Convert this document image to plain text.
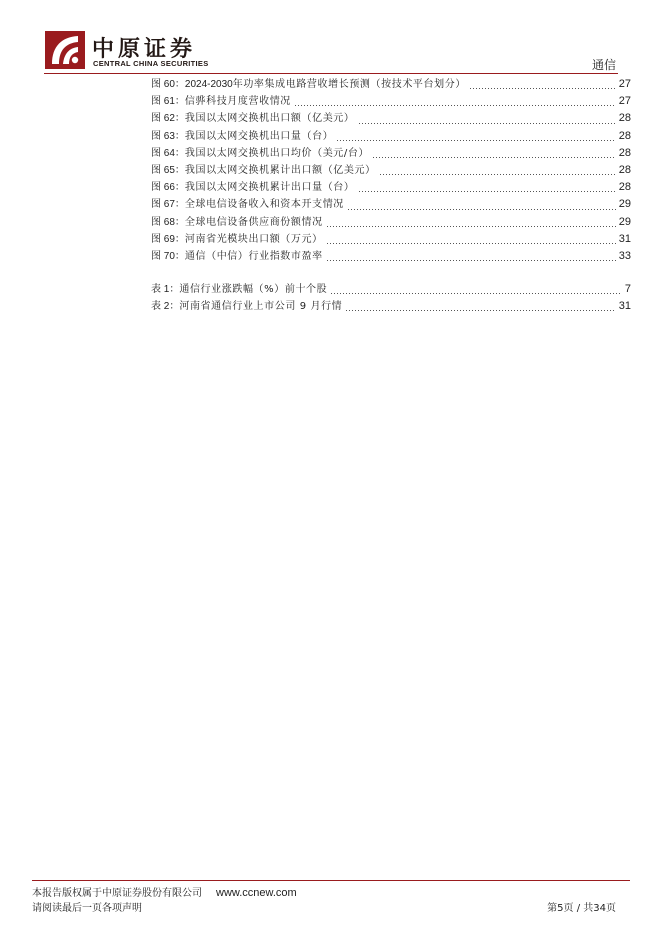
中原证券
CENTRAL CHINA SECURITIES	通信
图 60：2024-2030 年功率集成电路营收增长预测（按技术平台划分）	27
图 61： 信骅科技月度营收情况	27
图 62： 我国以太网交换机出口额（亿美元）	28
图 63： 我国以太网交换机出口量（台）	28
图 64： 我国以太网交换机出口均价（美元/台）	28
图 65： 我国以太网交换机累计出口额（亿美元）	28
图 66： 我国以太网交换机累计出口量（台）	28
图 67： 全球电信设备收入和资本开支情况	29
图 68： 全球电信设备供应商份额情况	29
图 69： 河南省光模块出口额（万元）	31
图 70： 通信（中信）行业指数市盈率	33
表 1： 通信行业涨跌幅（%）前十个股	7
表 2： 河南省通信行业上市公司 9 月行情	31
本报告版权属于中原证券股份有限公司 www.ccnew.com
请阅读最后一页各项声明	第5页 / 共34页
